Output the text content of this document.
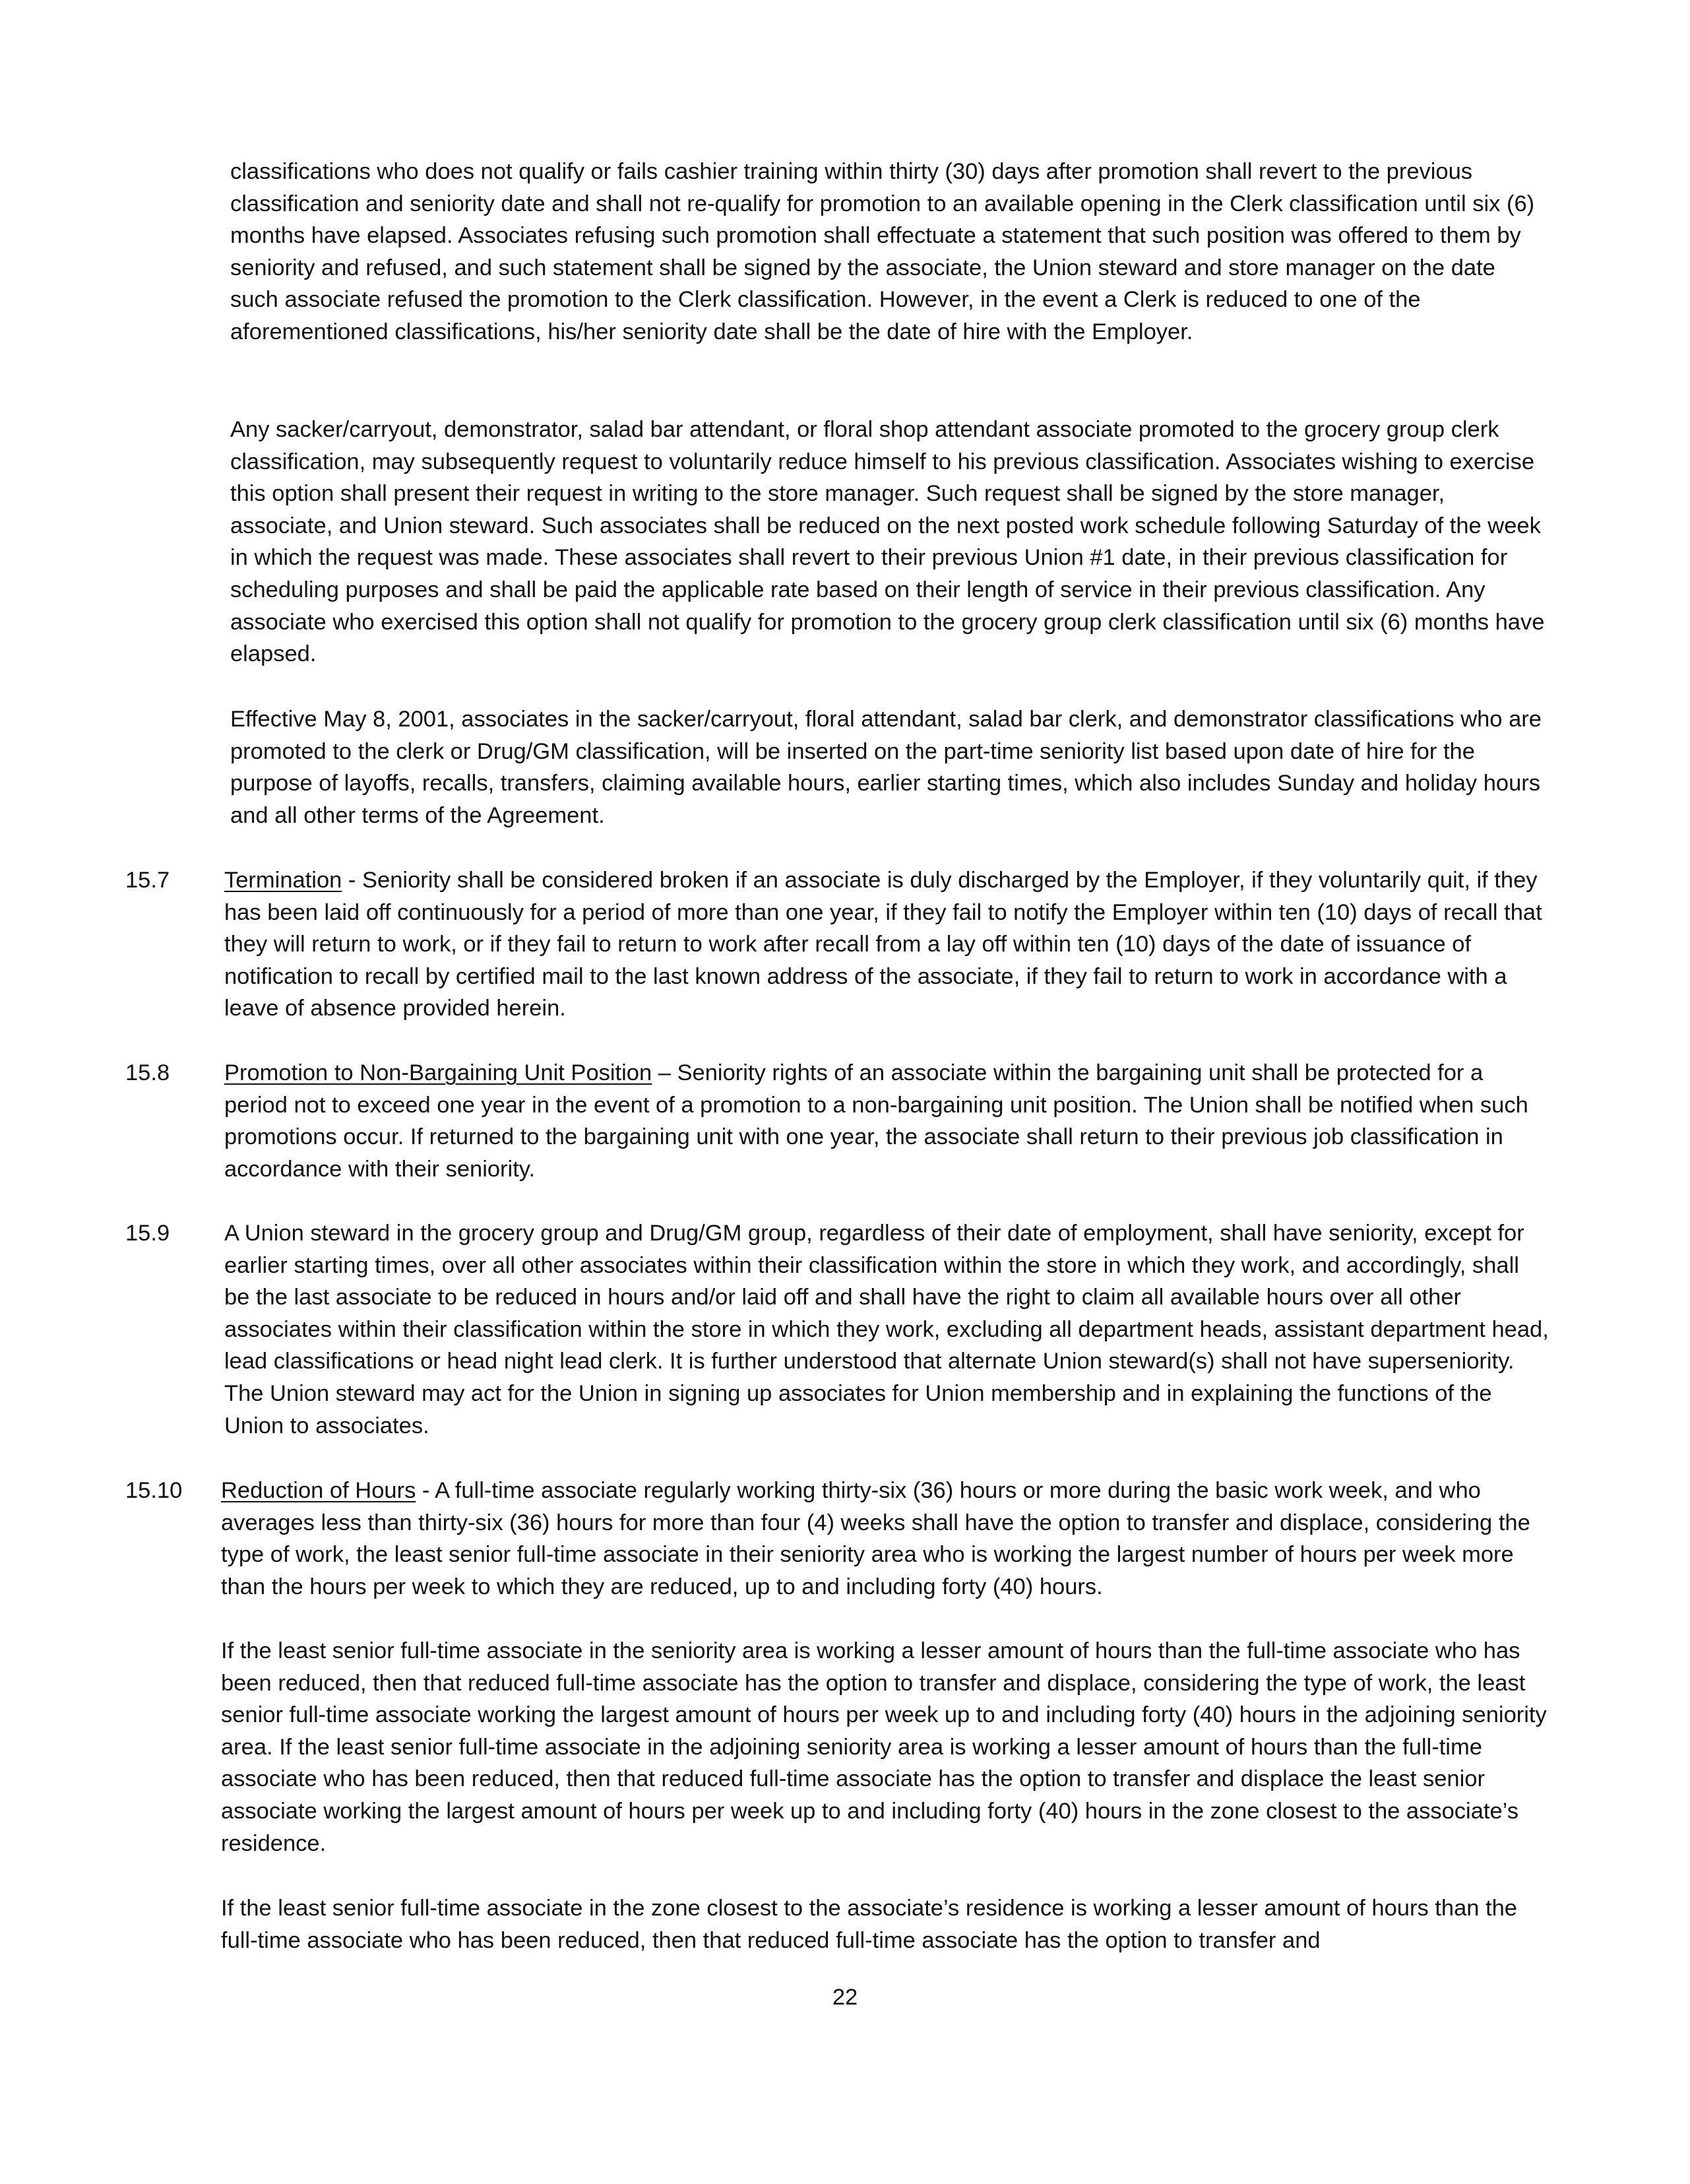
classifications who does not qualify or fails cashier training within thirty (30) days after promotion shall revert to the previous classification and seniority date and shall not re-qualify for promotion to an available opening in the Clerk classification until six (6) months have elapsed. Associates refusing such promotion shall effectuate a statement that such position was offered to them by seniority and refused, and such statement shall be signed by the associate, the Union steward and store manager on the date such associate refused the promotion to the Clerk classification. However, in the event a Clerk is reduced to one of the aforementioned classifications, his/her seniority date shall be the date of hire with the Employer.

Any sacker/carryout, demonstrator, salad bar attendant, or floral shop attendant associate promoted to the grocery group clerk classification, may subsequently request to voluntarily reduce himself to his previous classification. Associates wishing to exercise this option shall present their request in writing to the store manager. Such request shall be signed by the store manager, associate, and Union steward. Such associates shall be reduced on the next posted work schedule following Saturday of the week in which the request was made. These associates shall revert to their previous Union #1 date, in their previous classification for scheduling purposes and shall be paid the applicable rate based on their length of service in their previous classification. Any associate who exercised this option shall not qualify for promotion to the grocery group clerk classification until six (6) months have elapsed.

Effective May 8, 2001, associates in the sacker/carryout, floral attendant, salad bar clerk, and demonstrator classifications who are promoted to the clerk or Drug/GM classification, will be inserted on the part-time seniority list based upon date of hire for the purpose of layoffs, recalls, transfers, claiming available hours, earlier starting times, which also includes Sunday and holiday hours and all other terms of the Agreement.

15.7 Termination - Seniority shall be considered broken if an associate is duly discharged by the Employer, if they voluntarily quit, if they has been laid off continuously for a period of more than one year, if they fail to notify the Employer within ten (10) days of recall that they will return to work, or if they fail to return to work after recall from a lay off within ten (10) days of the date of issuance of notification to recall by certified mail to the last known address of the associate, if they fail to return to work in accordance with a leave of absence provided herein.

15.8 Promotion to Non-Bargaining Unit Position – Seniority rights of an associate within the bargaining unit shall be protected for a period not to exceed one year in the event of a promotion to a non-bargaining unit position. The Union shall be notified when such promotions occur. If returned to the bargaining unit with one year, the associate shall return to their previous job classification in accordance with their seniority.

15.9 A Union steward in the grocery group and Drug/GM group, regardless of their date of employment, shall have seniority, except for earlier starting times, over all other associates within their classification within the store in which they work, and accordingly, shall be the last associate to be reduced in hours and/or laid off and shall have the right to claim all available hours over all other associates within their classification within the store in which they work, excluding all department heads, assistant department head, lead classifications or head night lead clerk. It is further understood that alternate Union steward(s) shall not have superseniority. The Union steward may act for the Union in signing up associates for Union membership and in explaining the functions of the Union to associates.

15.10 Reduction of Hours - A full-time associate regularly working thirty-six (36) hours or more during the basic work week, and who averages less than thirty-six (36) hours for more than four (4) weeks shall have the option to transfer and displace, considering the type of work, the least senior full-time associate in their seniority area who is working the largest number of hours per week more than the hours per week to which they are reduced, up to and including forty (40) hours.

If the least senior full-time associate in the seniority area is working a lesser amount of hours than the full-time associate who has been reduced, then that reduced full-time associate has the option to transfer and displace, considering the type of work, the least senior full-time associate working the largest amount of hours per week up to and including forty (40) hours in the adjoining seniority area. If the least senior full-time associate in the adjoining seniority area is working a lesser amount of hours than the full-time associate who has been reduced, then that reduced full-time associate has the option to transfer and displace the least senior associate working the largest amount of hours per week up to and including forty (40) hours in the zone closest to the associate’s residence.

If the least senior full-time associate in the zone closest to the associate’s residence is working a lesser amount of hours than the full-time associate who has been reduced, then that reduced full-time associate has the option to transfer and

22
